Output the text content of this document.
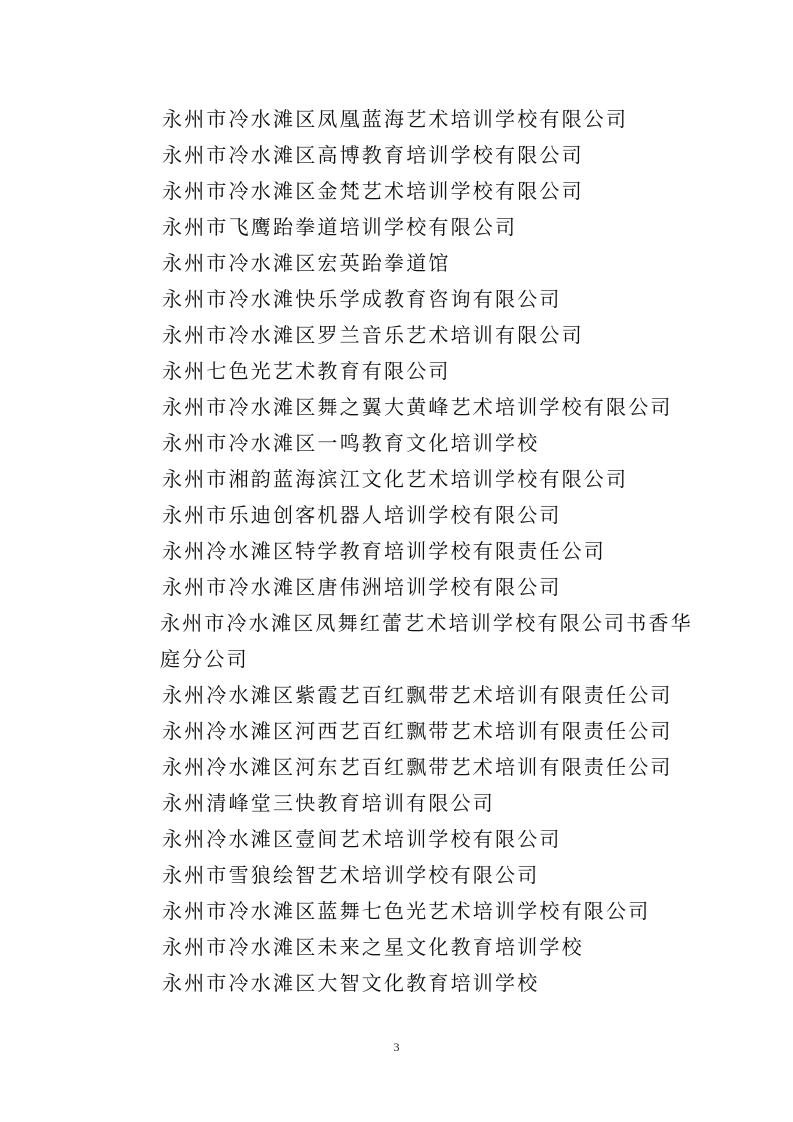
永州市冷水滩区凤凰蓝海艺术培训学校有限公司
永州市冷水滩区高博教育培训学校有限公司
永州市冷水滩区金梵艺术培训学校有限公司
永州市飞鹰跆拳道培训学校有限公司
永州市冷水滩区宏英跆拳道馆
永州市冷水滩快乐学成教育咨询有限公司
永州市冷水滩区罗兰音乐艺术培训有限公司
永州七色光艺术教育有限公司
永州市冷水滩区舞之翼大黄峰艺术培训学校有限公司
永州市冷水滩区一鸣教育文化培训学校
永州市湘韵蓝海滨江文化艺术培训学校有限公司
永州市乐迪创客机器人培训学校有限公司
永州冷水滩区特学教育培训学校有限责任公司
永州市冷水滩区唐伟洲培训学校有限公司
永州市冷水滩区凤舞红蕾艺术培训学校有限公司书香华庭分公司
永州冷水滩区紫霞艺百红飘带艺术培训有限责任公司
永州冷水滩区河西艺百红飘带艺术培训有限责任公司
永州冷水滩区河东艺百红飘带艺术培训有限责任公司
永州清峰堂三快教育培训有限公司
永州冷水滩区壹间艺术培训学校有限公司
永州市雪狼绘智艺术培训学校有限公司
永州市冷水滩区蓝舞七色光艺术培训学校有限公司
永州市冷水滩区未来之星文化教育培训学校
永州市冷水滩区大智文化教育培训学校
3
